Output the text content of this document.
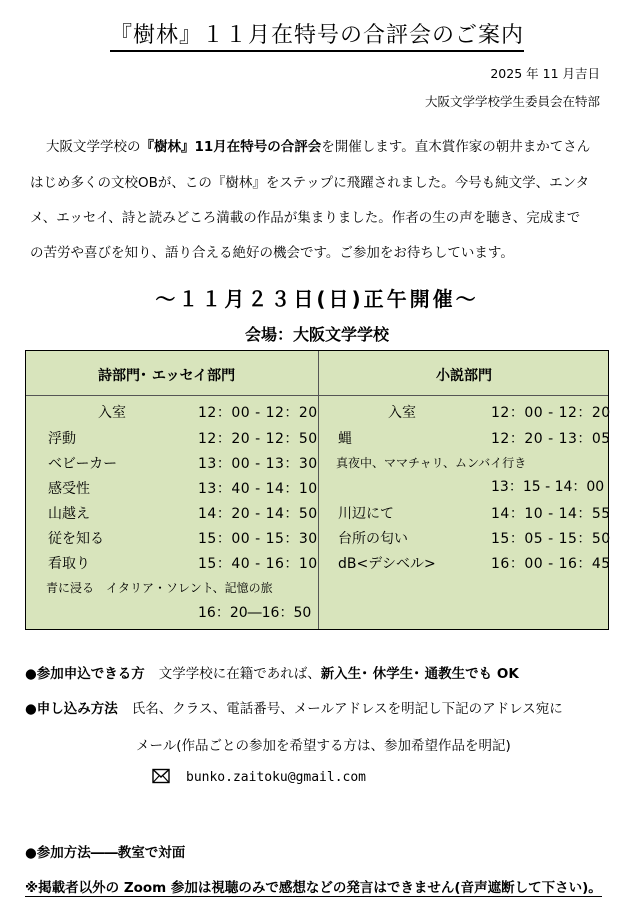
『樹林』１１月在特号の合評会のご案内
2025 年 11 月吉日
大阪文学学校学生委員会在特部
大阪文学学校の『樹林』11月在特号の合評会を開催します。直木賞作家の朝井まかてさん
はじめ多くの文校OBが、この『樹林』をステップに飛躍されました。今号も純文学、エンタ
メ、エッセイ、詩と読みどころ満載の作品が集まりました。作者の生の声を聴き、完成まで
の苦労や喜びを知り、語り合える絶好の機会です。ご参加をお待ちしています。
～１１月２３日(日)正午開催～
会場：大阪文学学校
詩部門･ エッセイ部門	小説部門
入室	12：00 - 12：20
浮動	12：20 - 12：50
ベビーカー	13：00 - 13：30
感受性	13：40 - 14：10
山越え	14：20 - 14：50
従を知る	15：00 - 15：30
看取り	15：40 - 16：10
青に浸る　イタリア・ソレント、記憶の旅
16：20―16：50
入室	12：00 - 12：20
蝿	12：20 - 13：05
真夜中、ママチャリ、ムンバイ行き
13：15 - 14：00
川辺にて	14：10 - 14：55
台所の匂い	15：05 - 15：50
dB<デシベル>	16：00 - 16：45
●参加申込できる方 文学学校に在籍であれば、新入生･ 休学生･ 通教生でも OK
●申し込み方法 氏名、クラス、電話番号、メールアドレスを明記し下記のアドレス宛に
メール(作品ごとの参加を希望する方は、参加希望作品を明記)
bunko.zaitoku@gmail.com
●参加方法――教室で対面
※掲載者以外の Zoom 参加は視聴のみで感想などの発言はできません(音声遮断して下さい)。
